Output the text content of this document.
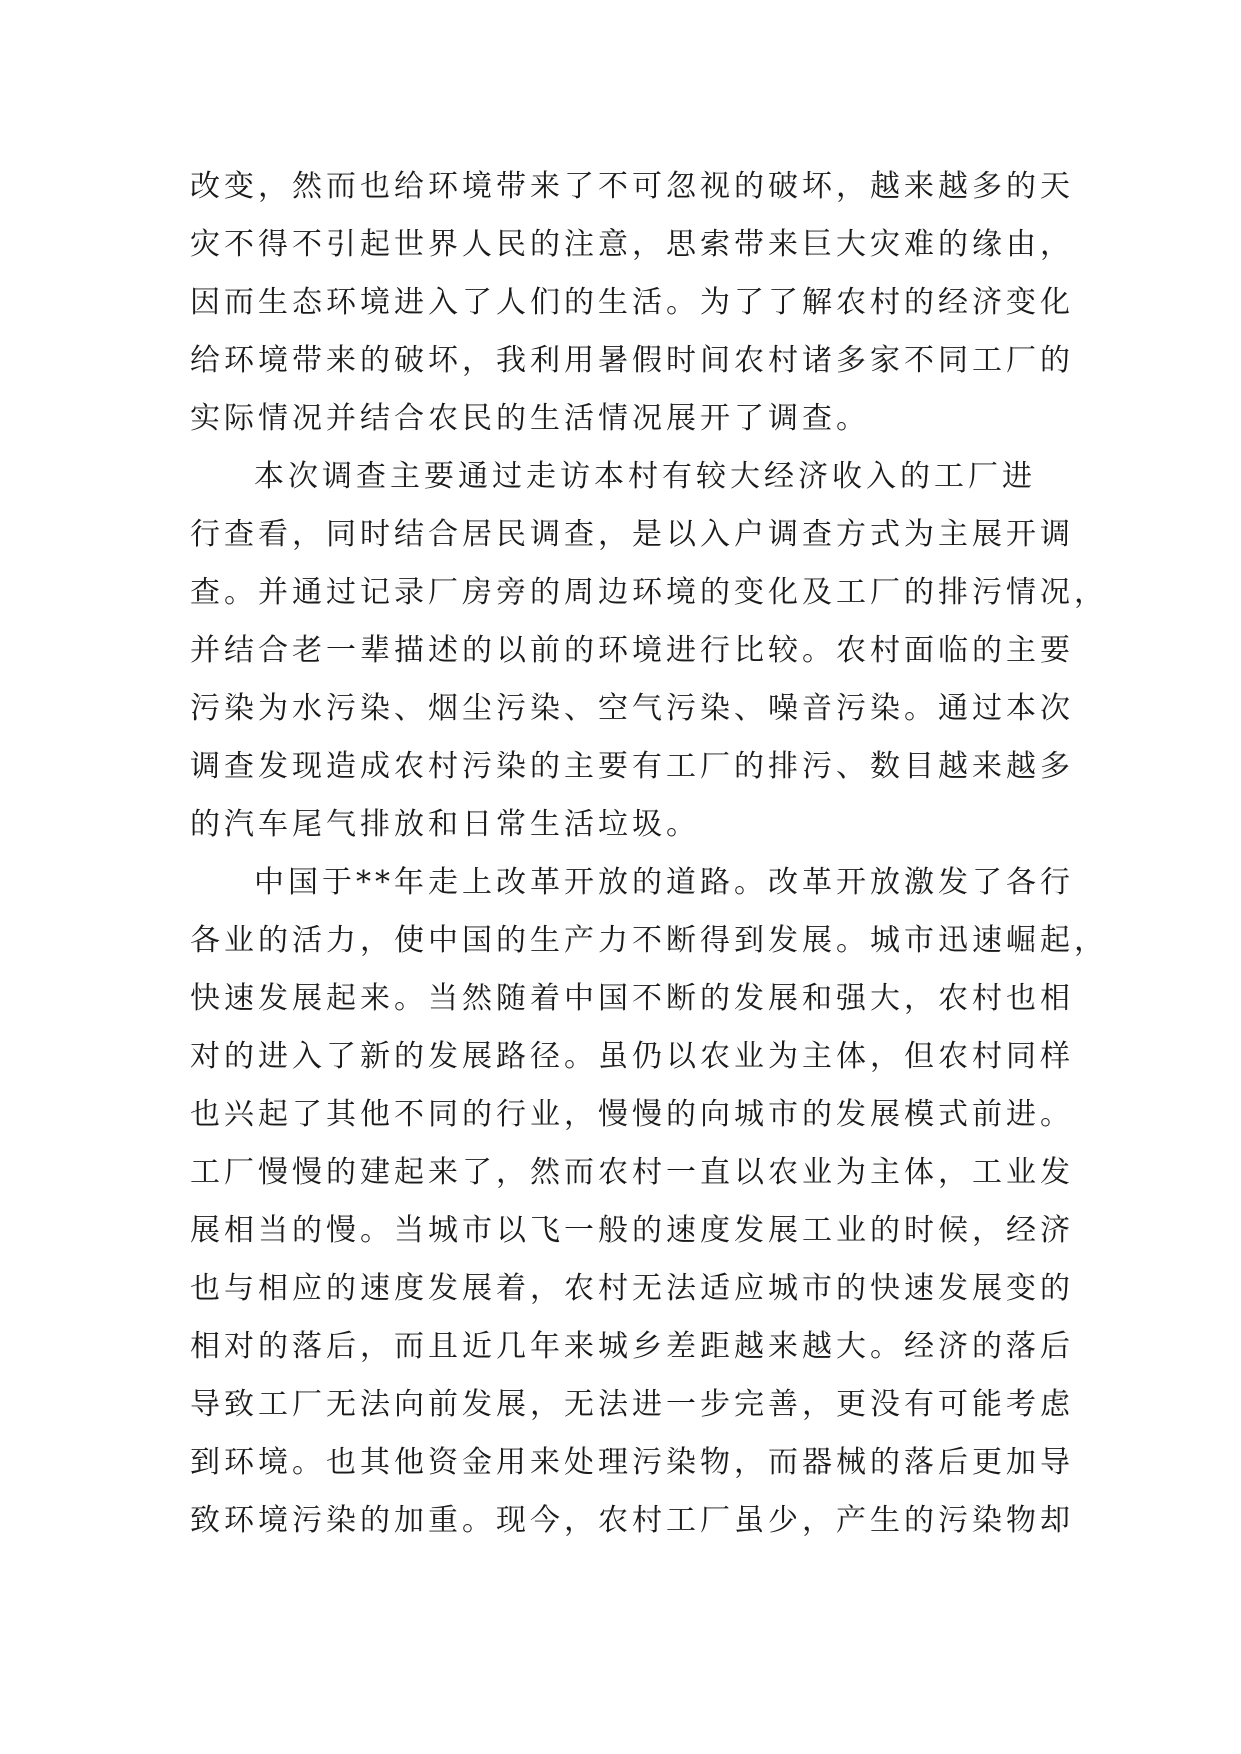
改变，然而也给环境带来了不可忽视的破坏，越来越多的天
灾不得不引起世界人民的注意，思索带来巨大灾难的缘由，
因而生态环境进入了人们的生活。为了了解农村的经济变化
给环境带来的破坏，我利用暑假时间农村诸多家不同工厂的
实际情况并结合农民的生活情况展开了调查。
本次调查主要通过走访本村有较大经济收入的工厂进
行查看，同时结合居民调查，是以入户调查方式为主展开调
查。并通过记录厂房旁的周边环境的变化及工厂的排污情况，
并结合老一辈描述的以前的环境进行比较。农村面临的主要
污染为水污染、烟尘污染、空气污染、噪音污染。通过本次
调查发现造成农村污染的主要有工厂的排污、数目越来越多
的汽车尾气排放和日常生活垃圾。
中国于**年走上改革开放的道路。改革开放激发了各行
各业的活力，使中国的生产力不断得到发展。城市迅速崛起，
快速发展起来。当然随着中国不断的发展和强大，农村也相
对的进入了新的发展路径。虽仍以农业为主体，但农村同样
也兴起了其他不同的行业，慢慢的向城市的发展模式前进。
工厂慢慢的建起来了，然而农村一直以农业为主体，工业发
展相当的慢。当城市以飞一般的速度发展工业的时候，经济
也与相应的速度发展着，农村无法适应城市的快速发展变的
相对的落后，而且近几年来城乡差距越来越大。经济的落后
导致工厂无法向前发展，无法进一步完善，更没有可能考虑
到环境。也其他资金用来处理污染物，而器械的落后更加导
致环境污染的加重。现今，农村工厂虽少，产生的污染物却
